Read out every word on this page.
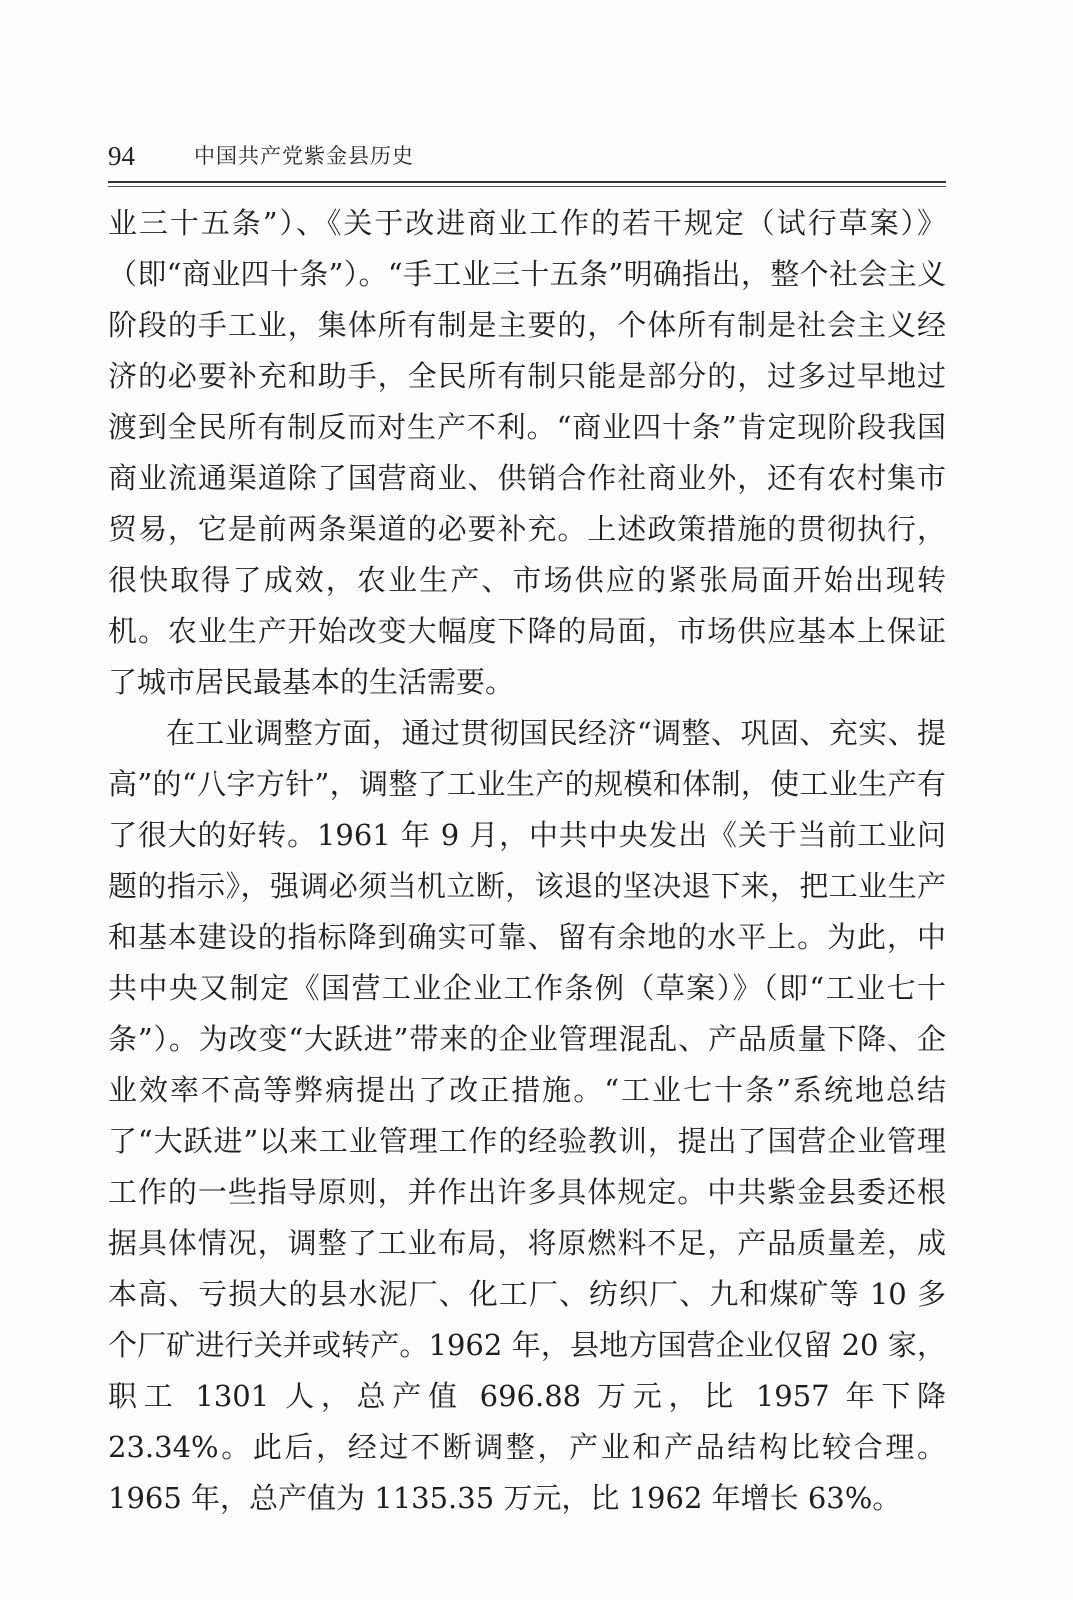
94	中国共产党紫金县历史

业三十五条”）、《关于改进商业工作的若干规定（试行草案）》（即“商业四十条”）。“手工业三十五条”明确指出，整个社会主义阶段的手工业，集体所有制是主要的，个体所有制是社会主义经济的必要补充和助手，全民所有制只能是部分的，过多过早地过渡到全民所有制反而对生产不利。“商业四十条”肯定现阶段我国商业流通渠道除了国营商业、供销合作社商业外，还有农村集市贸易，它是前两条渠道的必要补充。上述政策措施的贯彻执行，很快取得了成效，农业生产、市场供应的紧张局面开始出现转机。农业生产开始改变大幅度下降的局面，市场供应基本上保证了城市居民最基本的生活需要。

在工业调整方面，通过贯彻国民经济“调整、巩固、充实、提高”的“八字方针”，调整了工业生产的规模和体制，使工业生产有了很大的好转。1961 年 9 月，中共中央发出《关于当前工业问题的指示》，强调必须当机立断，该退的坚决退下来，把工业生产和基本建设的指标降到确实可靠、留有余地的水平上。为此，中共中央又制定《国营工业企业工作条例（草案）》（即“工业七十条”）。为改变“大跃进”带来的企业管理混乱、产品质量下降、企业效率不高等弊病提出了改正措施。“工业七十条”系统地总结了“大跃进”以来工业管理工作的经验教训，提出了国营企业管理工作的一些指导原则，并作出许多具体规定。中共紫金县委还根据具体情况，调整了工业布局，将原燃料不足，产品质量差，成本高、亏损大的县水泥厂、化工厂、纺织厂、九和煤矿等 10 多个厂矿进行关并或转产。1962 年，县地方国营企业仅留 20 家，职工 1301 人，总产值 696.88 万元，比 1957 年下降 23.34%。此后，经过不断调整，产业和产品结构比较合理。1965 年，总产值为 1135.35 万元，比 1962 年增长 63%。
